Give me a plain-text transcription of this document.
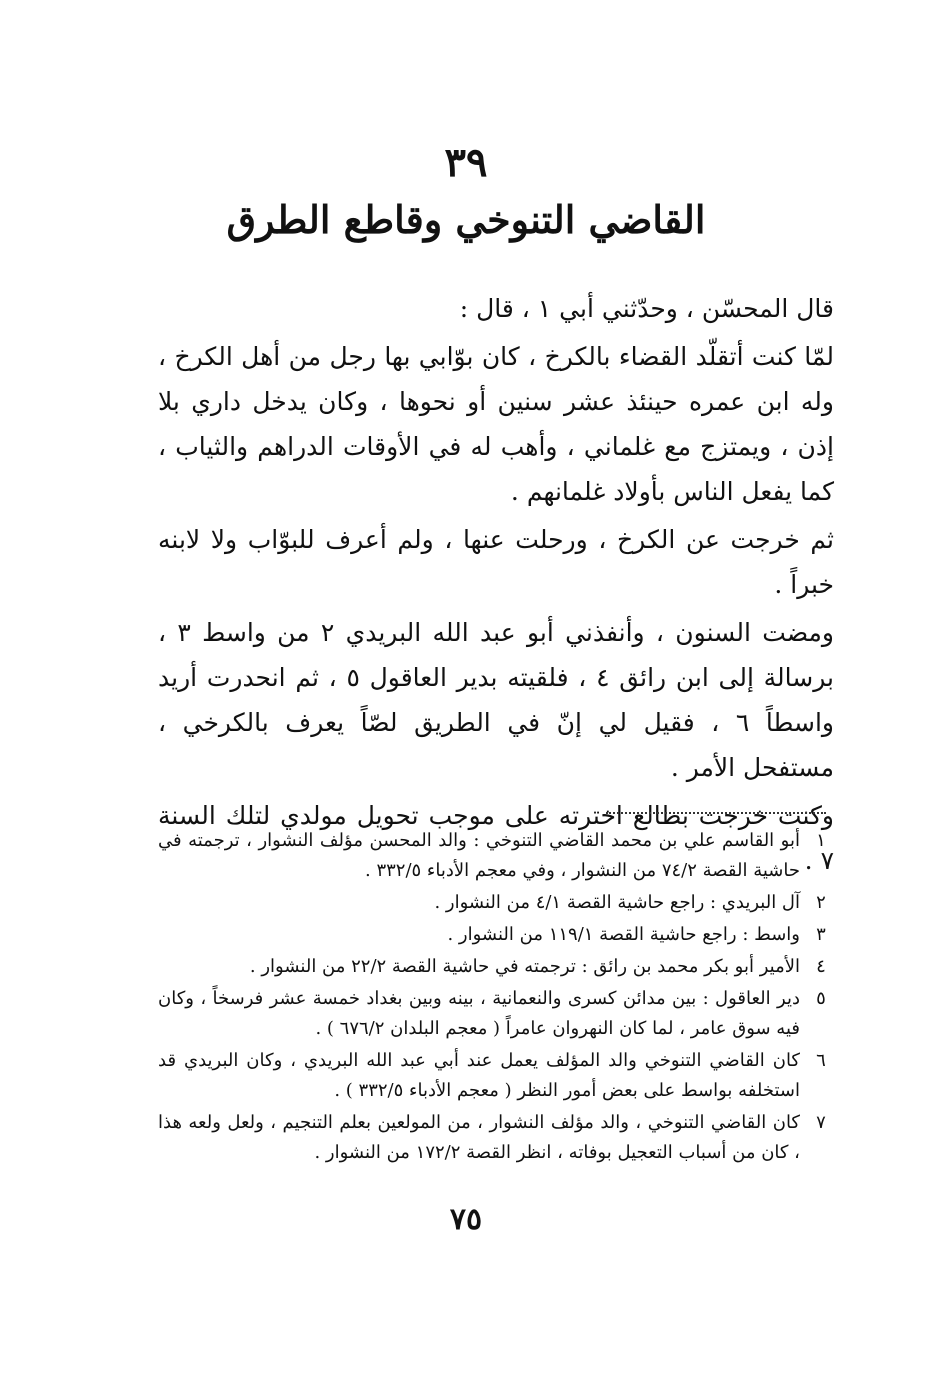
٣٩
القاضي التنوخي وقاطع الطرق

قال المحسّن ، وحدّثني أبي ١ ، قال :

لمّا كنت أتقلّد القضاء بالكرخ ، كان بوّابي بها رجل من أهل الكرخ ، وله ابن عمره حينئذ عشر سنين أو نحوها ، وكان يدخل داري بلا إذن ، ويمتزج مع غلماني ، وأهب له في الأوقات الدراهم والثياب ، كما يفعل الناس بأولاد غلمانهم .

ثم خرجت عن الكرخ ، ورحلت عنها ، ولم أعرف للبوّاب ولا لابنه خبراً .

ومضت السنون ، وأنفذني أبو عبد الله البريدي ٢ من واسط ٣ ، برسالة إلى ابن رائق ٤ ، فلقيته بدير العاقول ٥ ، ثم انحدرت أريد واسطاً ٦ ، فقيل لي إنّ في الطريق لصّاً يعرف بالكرخي ، مستفحل الأمر .

وكنت خرجت بطالع اخترته على موجب تحويل مولدي لتلك السنة ٧ .

١
أبو القاسم علي بن محمد القاضي التنوخي : والد المحسن مؤلف النشوار ، ترجمته في حاشية القصة ٧٤/٢ من النشوار ، وفي معجم الأدباء ٣٣٢/٥ .
٢
آل البريدي : راجع حاشية القصة ٤/١ من النشوار .
٣
واسط : راجع حاشية القصة ١١٩/١ من النشوار .
٤
الأمير أبو بكر محمد بن رائق : ترجمته في حاشية القصة ٢٢/٢ من النشوار .
٥
دير العاقول : بين مدائن كسرى والنعمانية ، بينه وبين بغداد خمسة عشر فرسخاً ، وكان فيه سوق عامر ، لما كان النهروان عامراً ( معجم البلدان ٦٧٦/٢ ) .
٦
كان القاضي التنوخي والد المؤلف يعمل عند أبي عبد الله البريدي ، وكان البريدي قد استخلفه بواسط على بعض أمور النظر ( معجم الأدباء ٣٣٢/٥ ) .
٧
كان القاضي التنوخي ، والد مؤلف النشوار ، من المولعين بعلم التنجيم ، ولعل ولعه هذا ، كان من أسباب التعجيل بوفاته ، انظر القصة ١٧٢/٢ من النشوار .
٧٥
